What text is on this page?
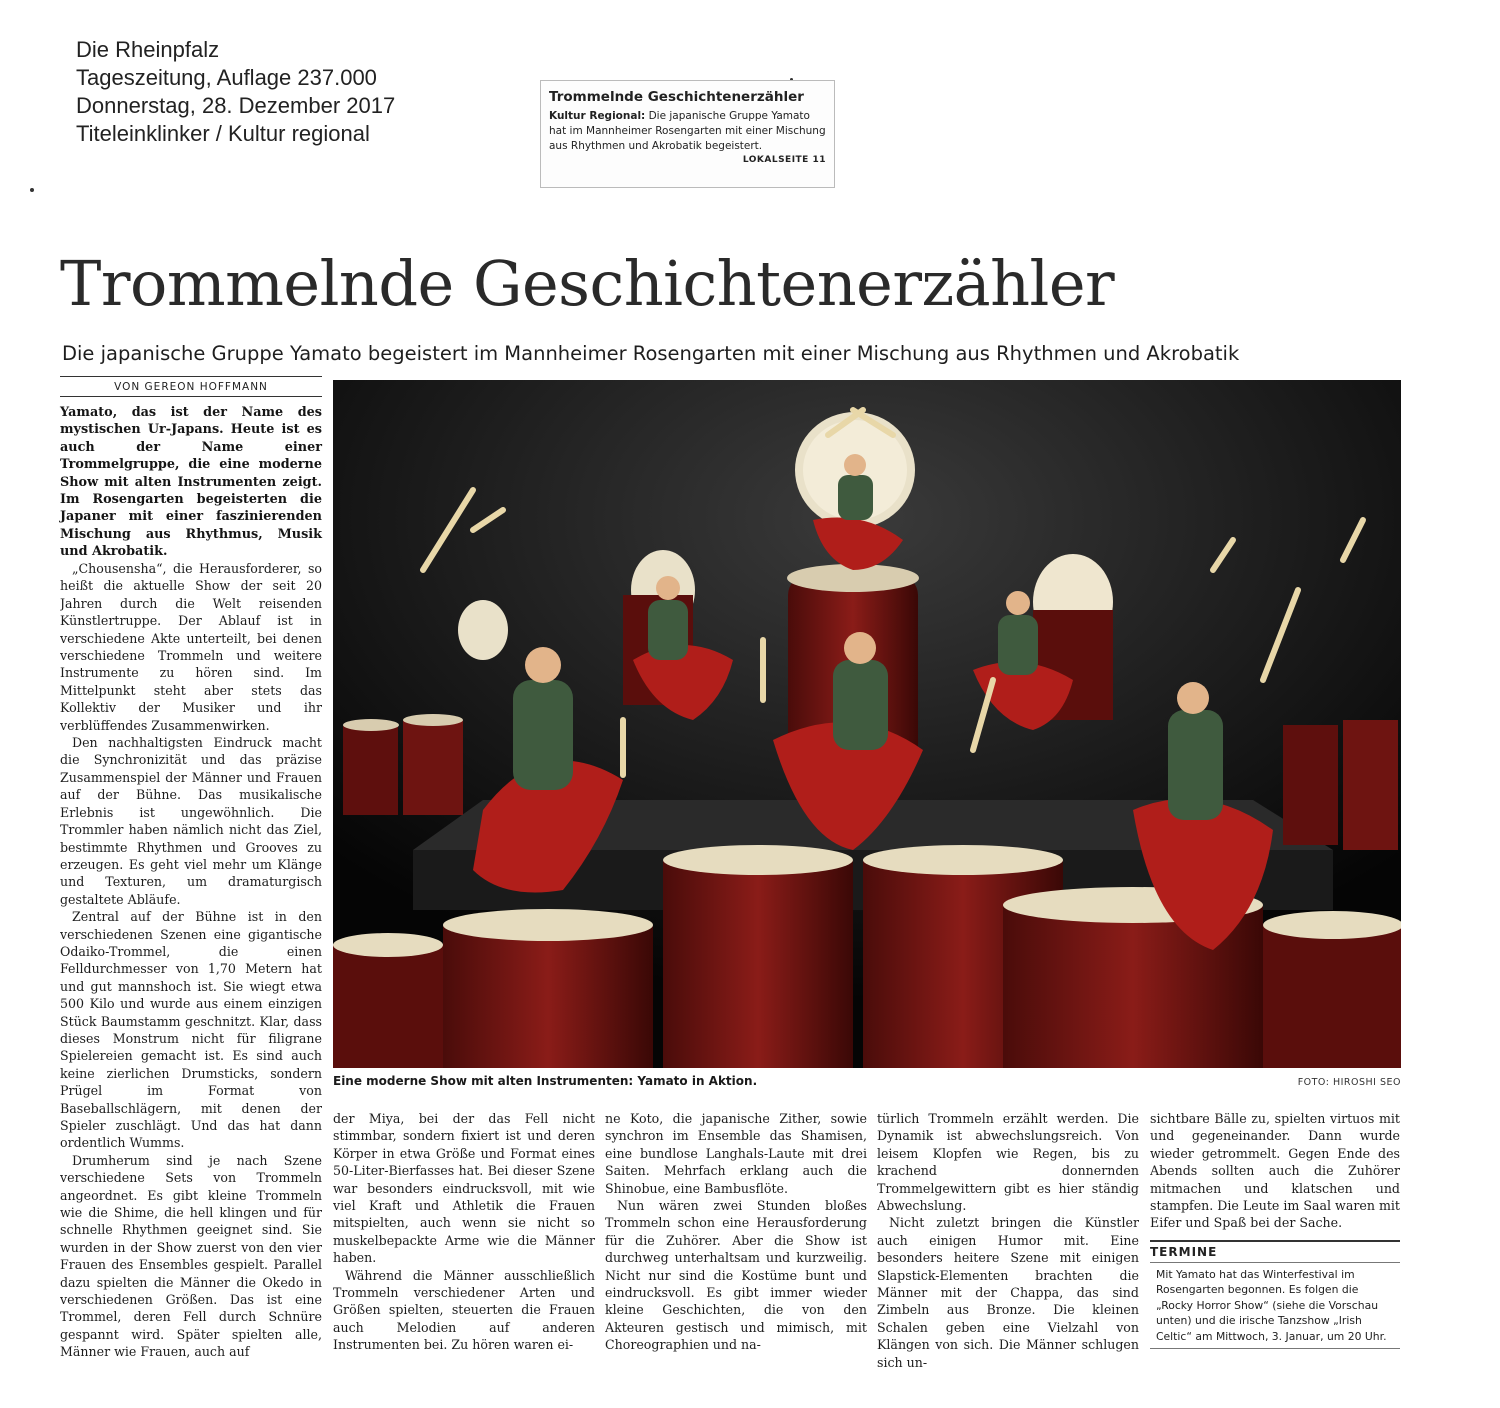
Die Rheinpfalz
Tageszeitung, Auflage 237.000
Donnerstag, 28. Dezember 2017
Titeleinklinker / Kultur regional
Trommelnde Geschichtenerzähler
Kultur Regional: Die japanische Gruppe Yamato hat im Mannheimer Rosengarten mit einer Mischung aus Rhythmen und Akrobatik begeistert.
LOKALSEITE 11
Trommelnde Geschichtenerzähler
Die japanische Gruppe Yamato begeistert im Mannheimer Rosengarten mit einer Mischung aus Rhythmen und Akrobatik
VON GEREON HOFFMANN
Yamato, das ist der Name des mystischen Ur-Japans. Heute ist es auch der Name einer Trommelgruppe, die eine moderne Show mit alten Instrumenten zeigt. Im Rosengarten begeisterten die Japaner mit einer faszinierenden Mischung aus Rhythmus, Musik und Akrobatik.

„Chousensha“, die Herausforderer, so heißt die aktuelle Show der seit 20 Jahren durch die Welt reisenden Künstlertruppe. Der Ablauf ist in verschiedene Akte unterteilt, bei denen verschiedene Trommeln und weitere Instrumente zu hören sind. Im Mittelpunkt steht aber stets das Kollektiv der Musiker und ihr verblüffendes Zusammenwirken.

Den nachhaltigsten Eindruck macht die Synchronizität und das präzise Zusammenspiel der Männer und Frauen auf der Bühne. Das musikalische Erlebnis ist ungewöhnlich. Die Trommler haben nämlich nicht das Ziel, bestimmte Rhythmen und Grooves zu erzeugen. Es geht viel mehr um Klänge und Texturen, um dramaturgisch gestaltete Abläufe.

Zentral auf der Bühne ist in den verschiedenen Szenen eine gigantische Odaiko-Trommel, die einen Felldurchmesser von 1,70 Metern hat und gut mannshoch ist. Sie wiegt etwa 500 Kilo und wurde aus einem einzigen Stück Baumstamm geschnitzt. Klar, dass dieses Monstrum nicht für filigrane Spielereien gemacht ist. Es sind auch keine zierlichen Drumsticks, sondern Prügel im Format von Baseballschlägern, mit denen der Spieler zuschlägt. Und das hat dann ordentlich Wumms.

Drumherum sind je nach Szene verschiedene Sets von Trommeln angeordnet. Es gibt kleine Trommeln wie die Shime, die hell klingen und für schnelle Rhythmen geeignet sind. Sie wurden in der Show zuerst von den vier Frauen des Ensembles gespielt. Parallel dazu spielten die Männer die Okedo in verschiedenen Größen. Das ist eine Trommel, deren Fell durch Schnüre gespannt wird. Später spielten alle, Männer wie Frauen, auch auf

Eine moderne Show mit alten Instrumenten: Yamato in Aktion.	FOTO: HIROSHI SEO

der Miya, bei der das Fell nicht stimmbar, sondern fixiert ist und deren Körper in etwa Größe und Format eines 50-Liter-Bierfasses hat. Bei dieser Szene war besonders eindrucksvoll, mit wie viel Kraft und Athletik die Frauen mitspielten, auch wenn sie nicht so muskelbepackte Arme wie die Männer haben.

Während die Männer ausschließlich Trommeln verschiedener Arten und Größen spielten, steuerten die Frauen auch Melodien auf anderen Instrumenten bei. Zu hören waren ei-

ne Koto, die japanische Zither, sowie synchron im Ensemble das Shamisen, eine bundlose Langhals-Laute mit drei Saiten. Mehrfach erklang auch die Shinobue, eine Bambusflöte.

Nun wären zwei Stunden bloßes Trommeln schon eine Herausforderung für die Zuhörer. Aber die Show ist durchweg unterhaltsam und kurzweilig. Nicht nur sind die Kostüme bunt und eindrucksvoll. Es gibt immer wieder kleine Geschichten, die von den Akteuren gestisch und mimisch, mit Choreographien und na-

türlich Trommeln erzählt werden. Die Dynamik ist abwechslungsreich. Von leisem Klopfen wie Regen, bis zu krachend donnernden Trommelgewittern gibt es hier ständig Abwechslung.

Nicht zuletzt bringen die Künstler auch einigen Humor mit. Eine besonders heitere Szene mit einigen Slapstick-Elementen brachten die Männer mit der Chappa, das sind Zimbeln aus Bronze. Die kleinen Schalen geben eine Vielzahl von Klängen von sich. Die Männer schlugen sich un-

sichtbare Bälle zu, spielten virtuos mit und gegeneinander. Dann wurde wieder getrommelt. Gegen Ende des Abends sollten auch die Zuhörer mitmachen und klatschen und stampfen. Die Leute im Saal waren mit Eifer und Spaß bei der Sache.

TERMINE
Mit Yamato hat das Winterfestival im Rosengarten begonnen. Es folgen die „Rocky Horror Show“ (siehe die Vorschau unten) und die irische Tanzshow „Irish Celtic“ am Mittwoch, 3. Januar, um 20 Uhr.
